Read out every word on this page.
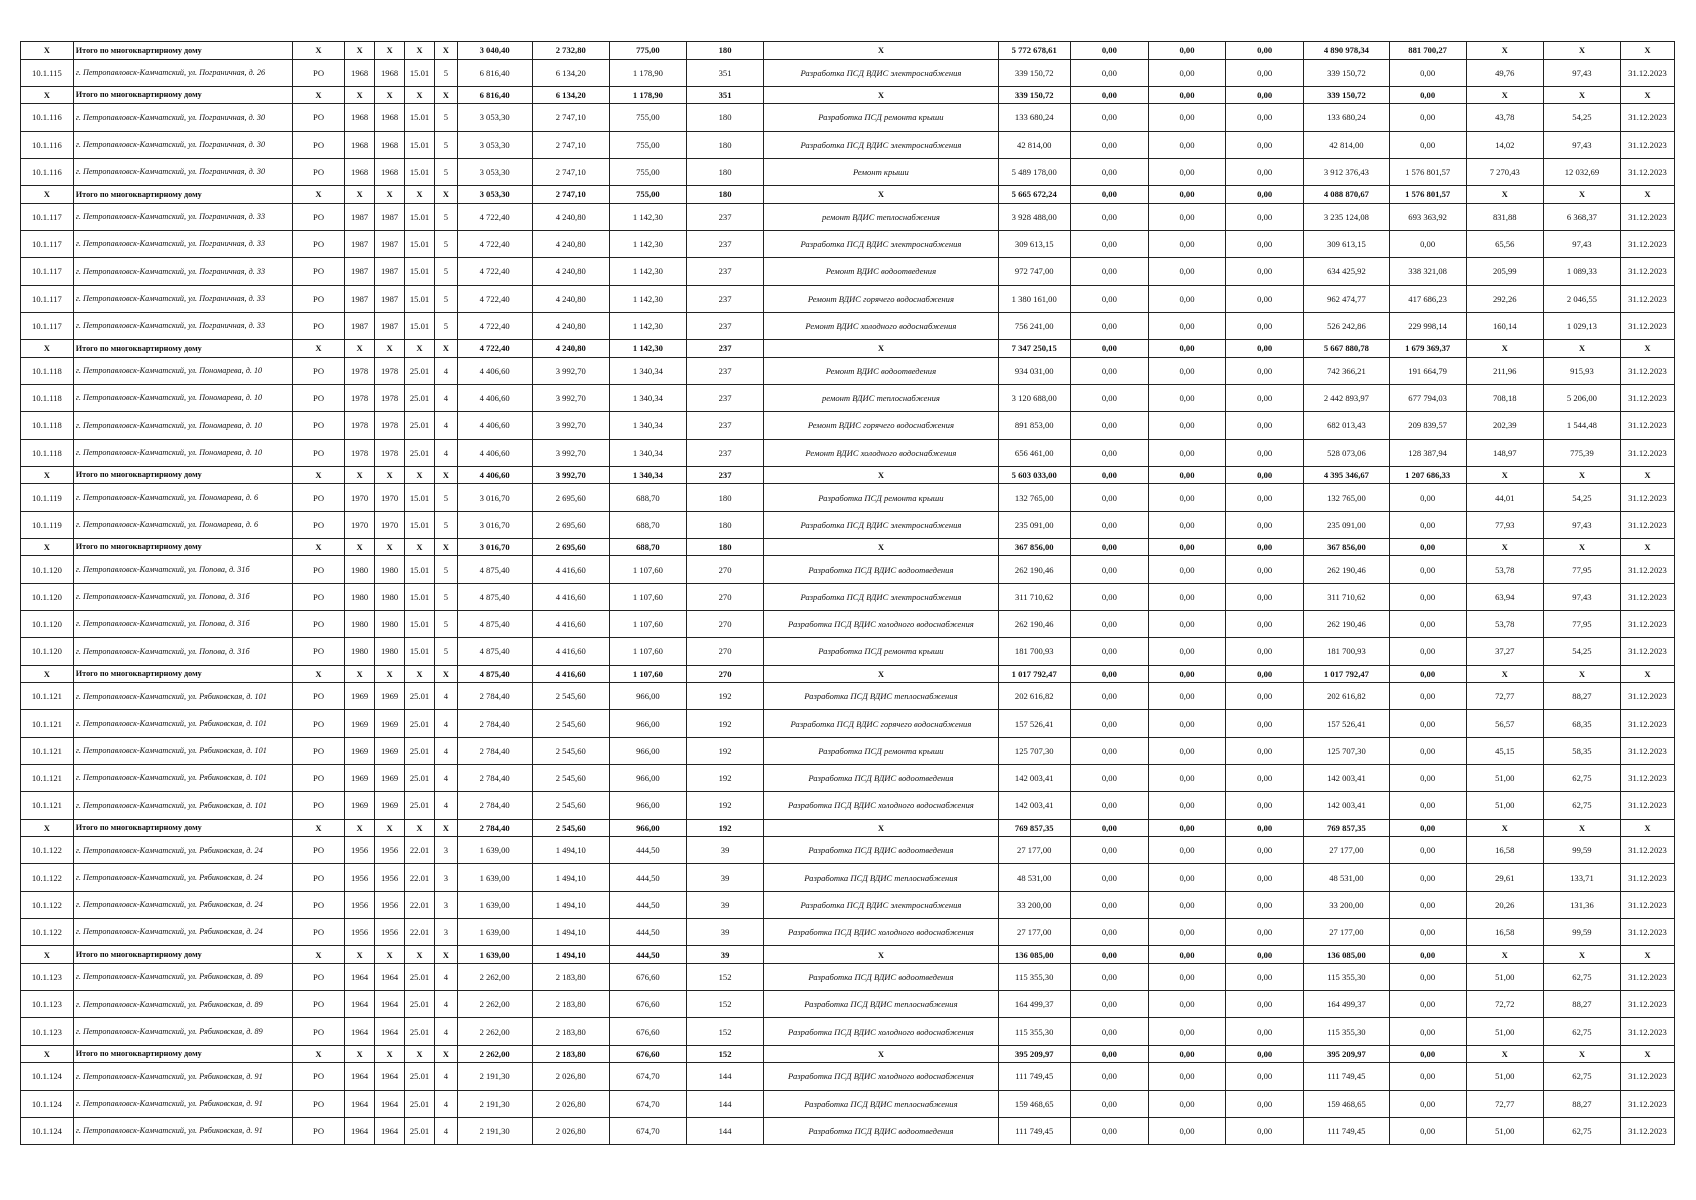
X	Итого по многоквартирному дому	X	X	X	X	X	3 040,40	2 732,80	775,00	180	X	5 772 678,61	0,00	0,00	0,00	4 890 978,34	881 700,27	X	X	X
10.1.115	г. Петропавловск-Камчатский, ул. Пограничная, д. 26	РО	1968	1968	15.01	5	6 816,40	6 134,20	1 178,90	351	Разработка ПСД ВДИС электроснабжения	339 150,72	0,00	0,00	0,00	339 150,72	0,00	49,76	97,43	31.12.2023
X	Итого по многоквартирному дому	X	X	X	X	X	6 816,40	6 134,20	1 178,90	351	X	339 150,72	0,00	0,00	0,00	339 150,72	0,00	X	X	X
10.1.116	г. Петропавловск-Камчатский, ул. Пограничная, д. 30	РО	1968	1968	15.01	5	3 053,30	2 747,10	755,00	180	Разработка ПСД ремонта крыши	133 680,24	0,00	0,00	0,00	133 680,24	0,00	43,78	54,25	31.12.2023
10.1.116	г. Петропавловск-Камчатский, ул. Пограничная, д. 30	РО	1968	1968	15.01	5	3 053,30	2 747,10	755,00	180	Разработка ПСД ВДИС электроснабжения	42 814,00	0,00	0,00	0,00	42 814,00	0,00	14,02	97,43	31.12.2023
10.1.116	г. Петропавловск-Камчатский, ул. Пограничная, д. 30	РО	1968	1968	15.01	5	3 053,30	2 747,10	755,00	180	Ремонт крыши	5 489 178,00	0,00	0,00	0,00	3 912 376,43	1 576 801,57	7 270,43	12 032,69	31.12.2023
X	Итого по многоквартирному дому	X	X	X	X	X	3 053,30	2 747,10	755,00	180	X	5 665 672,24	0,00	0,00	0,00	4 088 870,67	1 576 801,57	X	X	X
10.1.117	г. Петропавловск-Камчатский, ул. Пограничная, д. 33	РО	1987	1987	15.01	5	4 722,40	4 240,80	1 142,30	237	ремонт ВДИС теплоснабжения	3 928 488,00	0,00	0,00	0,00	3 235 124,08	693 363,92	831,88	6 368,37	31.12.2023
10.1.117	г. Петропавловск-Камчатский, ул. Пограничная, д. 33	РО	1987	1987	15.01	5	4 722,40	4 240,80	1 142,30	237	Разработка ПСД ВДИС электроснабжения	309 613,15	0,00	0,00	0,00	309 613,15	0,00	65,56	97,43	31.12.2023
10.1.117	г. Петропавловск-Камчатский, ул. Пограничная, д. 33	РО	1987	1987	15.01	5	4 722,40	4 240,80	1 142,30	237	Ремонт ВДИС водоотведения	972 747,00	0,00	0,00	0,00	634 425,92	338 321,08	205,99	1 089,33	31.12.2023
10.1.117	г. Петропавловск-Камчатский, ул. Пограничная, д. 33	РО	1987	1987	15.01	5	4 722,40	4 240,80	1 142,30	237	Ремонт ВДИС горячего водоснабжения	1 380 161,00	0,00	0,00	0,00	962 474,77	417 686,23	292,26	2 046,55	31.12.2023
10.1.117	г. Петропавловск-Камчатский, ул. Пограничная, д. 33	РО	1987	1987	15.01	5	4 722,40	4 240,80	1 142,30	237	Ремонт ВДИС холодного водоснабжения	756 241,00	0,00	0,00	0,00	526 242,86	229 998,14	160,14	1 029,13	31.12.2023
X	Итого по многоквартирному дому	X	X	X	X	X	4 722,40	4 240,80	1 142,30	237	X	7 347 250,15	0,00	0,00	0,00	5 667 880,78	1 679 369,37	X	X	X
10.1.118	г. Петропавловск-Камчатский, ул. Пономарева, д. 10	РО	1978	1978	25.01	4	4 406,60	3 992,70	1 340,34	237	Ремонт ВДИС водоотведения	934 031,00	0,00	0,00	0,00	742 366,21	191 664,79	211,96	915,93	31.12.2023
10.1.118	г. Петропавловск-Камчатский, ул. Пономарева, д. 10	РО	1978	1978	25.01	4	4 406,60	3 992,70	1 340,34	237	ремонт ВДИС теплоснабжения	3 120 688,00	0,00	0,00	0,00	2 442 893,97	677 794,03	708,18	5 206,00	31.12.2023
10.1.118	г. Петропавловск-Камчатский, ул. Пономарева, д. 10	РО	1978	1978	25.01	4	4 406,60	3 992,70	1 340,34	237	Ремонт ВДИС горячего водоснабжения	891 853,00	0,00	0,00	0,00	682 013,43	209 839,57	202,39	1 544,48	31.12.2023
10.1.118	г. Петропавловск-Камчатский, ул. Пономарева, д. 10	РО	1978	1978	25.01	4	4 406,60	3 992,70	1 340,34	237	Ремонт ВДИС холодного водоснабжения	656 461,00	0,00	0,00	0,00	528 073,06	128 387,94	148,97	775,39	31.12.2023
X	Итого по многоквартирному дому	X	X	X	X	X	4 406,60	3 992,70	1 340,34	237	X	5 603 033,00	0,00	0,00	0,00	4 395 346,67	1 207 686,33	X	X	X
10.1.119	г. Петропавловск-Камчатский, ул. Пономарева, д. 6	РО	1970	1970	15.01	5	3 016,70	2 695,60	688,70	180	Разработка ПСД ремонта крыши	132 765,00	0,00	0,00	0,00	132 765,00	0,00	44,01	54,25	31.12.2023
10.1.119	г. Петропавловск-Камчатский, ул. Пономарева, д. 6	РО	1970	1970	15.01	5	3 016,70	2 695,60	688,70	180	Разработка ПСД ВДИС электроснабжения	235 091,00	0,00	0,00	0,00	235 091,00	0,00	77,93	97,43	31.12.2023
X	Итого по многоквартирному дому	X	X	X	X	X	3 016,70	2 695,60	688,70	180	X	367 856,00	0,00	0,00	0,00	367 856,00	0,00	X	X	X
10.1.120	г. Петропавловск-Камчатский, ул. Попова, д. 31б	РО	1980	1980	15.01	5	4 875,40	4 416,60	1 107,60	270	Разработка ПСД ВДИС водоотведения	262 190,46	0,00	0,00	0,00	262 190,46	0,00	53,78	77,95	31.12.2023
10.1.120	г. Петропавловск-Камчатский, ул. Попова, д. 31б	РО	1980	1980	15.01	5	4 875,40	4 416,60	1 107,60	270	Разработка ПСД ВДИС электроснабжения	311 710,62	0,00	0,00	0,00	311 710,62	0,00	63,94	97,43	31.12.2023
10.1.120	г. Петропавловск-Камчатский, ул. Попова, д. 31б	РО	1980	1980	15.01	5	4 875,40	4 416,60	1 107,60	270	Разработка ПСД ВДИС холодного водоснабжения	262 190,46	0,00	0,00	0,00	262 190,46	0,00	53,78	77,95	31.12.2023
10.1.120	г. Петропавловск-Камчатский, ул. Попова, д. 31б	РО	1980	1980	15.01	5	4 875,40	4 416,60	1 107,60	270	Разработка ПСД ремонта крыши	181 700,93	0,00	0,00	0,00	181 700,93	0,00	37,27	54,25	31.12.2023
X	Итого по многоквартирному дому	X	X	X	X	X	4 875,40	4 416,60	1 107,60	270	X	1 017 792,47	0,00	0,00	0,00	1 017 792,47	0,00	X	X	X
10.1.121	г. Петропавловск-Камчатский, ул. Рябиковская, д. 101	РО	1969	1969	25.01	4	2 784,40	2 545,60	966,00	192	Разработка ПСД ВДИС теплоснабжения	202 616,82	0,00	0,00	0,00	202 616,82	0,00	72,77	88,27	31.12.2023
10.1.121	г. Петропавловск-Камчатский, ул. Рябиковская, д. 101	РО	1969	1969	25.01	4	2 784,40	2 545,60	966,00	192	Разработка ПСД ВДИС горячего водоснабжения	157 526,41	0,00	0,00	0,00	157 526,41	0,00	56,57	68,35	31.12.2023
10.1.121	г. Петропавловск-Камчатский, ул. Рябиковская, д. 101	РО	1969	1969	25.01	4	2 784,40	2 545,60	966,00	192	Разработка ПСД ремонта крыши	125 707,30	0,00	0,00	0,00	125 707,30	0,00	45,15	58,35	31.12.2023
10.1.121	г. Петропавловск-Камчатский, ул. Рябиковская, д. 101	РО	1969	1969	25.01	4	2 784,40	2 545,60	966,00	192	Разработка ПСД ВДИС водоотведения	142 003,41	0,00	0,00	0,00	142 003,41	0,00	51,00	62,75	31.12.2023
10.1.121	г. Петропавловск-Камчатский, ул. Рябиковская, д. 101	РО	1969	1969	25.01	4	2 784,40	2 545,60	966,00	192	Разработка ПСД ВДИС холодного водоснабжения	142 003,41	0,00	0,00	0,00	142 003,41	0,00	51,00	62,75	31.12.2023
X	Итого по многоквартирному дому	X	X	X	X	X	2 784,40	2 545,60	966,00	192	X	769 857,35	0,00	0,00	0,00	769 857,35	0,00	X	X	X
10.1.122	г. Петропавловск-Камчатский, ул. Рябиковская, д. 24	РО	1956	1956	22.01	3	1 639,00	1 494,10	444,50	39	Разработка ПСД ВДИС водоотведения	27 177,00	0,00	0,00	0,00	27 177,00	0,00	16,58	99,59	31.12.2023
10.1.122	г. Петропавловск-Камчатский, ул. Рябиковская, д. 24	РО	1956	1956	22.01	3	1 639,00	1 494,10	444,50	39	Разработка ПСД ВДИС теплоснабжения	48 531,00	0,00	0,00	0,00	48 531,00	0,00	29,61	133,71	31.12.2023
10.1.122	г. Петропавловск-Камчатский, ул. Рябиковская, д. 24	РО	1956	1956	22.01	3	1 639,00	1 494,10	444,50	39	Разработка ПСД ВДИС электроснабжения	33 200,00	0,00	0,00	0,00	33 200,00	0,00	20,26	131,36	31.12.2023
10.1.122	г. Петропавловск-Камчатский, ул. Рябиковская, д. 24	РО	1956	1956	22.01	3	1 639,00	1 494,10	444,50	39	Разработка ПСД ВДИС холодного водоснабжения	27 177,00	0,00	0,00	0,00	27 177,00	0,00	16,58	99,59	31.12.2023
X	Итого по многоквартирному дому	X	X	X	X	X	1 639,00	1 494,10	444,50	39	X	136 085,00	0,00	0,00	0,00	136 085,00	0,00	X	X	X
10.1.123	г. Петропавловск-Камчатский, ул. Рябиковская, д. 89	РО	1964	1964	25.01	4	2 262,00	2 183,80	676,60	152	Разработка ПСД ВДИС водоотведения	115 355,30	0,00	0,00	0,00	115 355,30	0,00	51,00	62,75	31.12.2023
10.1.123	г. Петропавловск-Камчатский, ул. Рябиковская, д. 89	РО	1964	1964	25.01	4	2 262,00	2 183,80	676,60	152	Разработка ПСД ВДИС теплоснабжения	164 499,37	0,00	0,00	0,00	164 499,37	0,00	72,72	88,27	31.12.2023
10.1.123	г. Петропавловск-Камчатский, ул. Рябиковская, д. 89	РО	1964	1964	25.01	4	2 262,00	2 183,80	676,60	152	Разработка ПСД ВДИС холодного водоснабжения	115 355,30	0,00	0,00	0,00	115 355,30	0,00	51,00	62,75	31.12.2023
X	Итого по многоквартирному дому	X	X	X	X	X	2 262,00	2 183,80	676,60	152	X	395 209,97	0,00	0,00	0,00	395 209,97	0,00	X	X	X
10.1.124	г. Петропавловск-Камчатский, ул. Рябиковская, д. 91	РО	1964	1964	25.01	4	2 191,30	2 026,80	674,70	144	Разработка ПСД ВДИС холодного водоснабжения	111 749,45	0,00	0,00	0,00	111 749,45	0,00	51,00	62,75	31.12.2023
10.1.124	г. Петропавловск-Камчатский, ул. Рябиковская, д. 91	РО	1964	1964	25.01	4	2 191,30	2 026,80	674,70	144	Разработка ПСД ВДИС теплоснабжения	159 468,65	0,00	0,00	0,00	159 468,65	0,00	72,77	88,27	31.12.2023
10.1.124	г. Петропавловск-Камчатский, ул. Рябиковская, д. 91	РО	1964	1964	25.01	4	2 191,30	2 026,80	674,70	144	Разработка ПСД ВДИС водоотведения	111 749,45	0,00	0,00	0,00	111 749,45	0,00	51,00	62,75	31.12.2023
